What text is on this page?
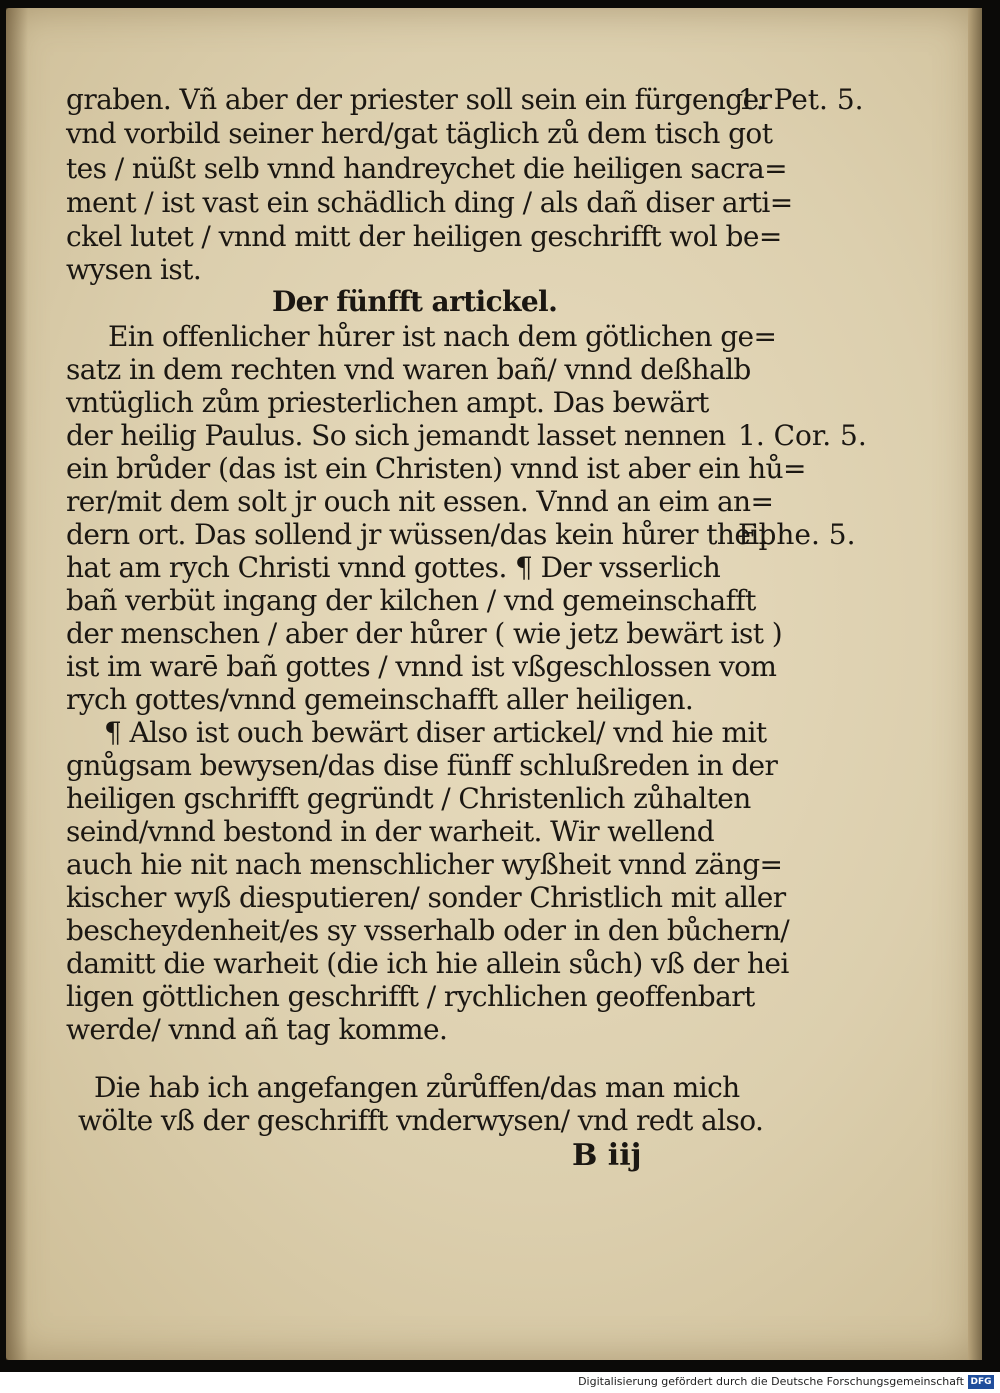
graben. Vñ aber der priester soll sein ein fürgenger
vnd vorbild seiner herd/gat täglich zů dem tisch got
tes / nüßt selb vnnd handreychet die heiligen sacra=
ment / ist vast ein schädlich ding / als dañ diser arti=
ckel lutet / vnnd mitt der heiligen geschrifft wol be=
wysen ist.
Der fünfft artickel.
Ein offenlicher hůrer ist nach dem götlichen ge=
satz in dem rechten vnd waren bañ/ vnnd deßhalb
vntüglich zům priesterlichen ampt. Das bewärt
der heilig Paulus. So sich jemandt lasset nennen
ein brůder (das ist ein Christen) vnnd ist aber ein hů=
rer/mit dem solt jr ouch nit essen. Vnnd an eim an=
dern ort. Das sollend jr wüssen/das kein hůrer theil
hat am rych Christi vnnd gottes. ¶ Der vsserlich
bañ verbüt ingang der kilchen / vnd gemeinschafft
der menschen / aber der hůrer ( wie jetz bewärt ist )
ist im warē bañ gottes / vnnd ist vßgeschlossen vom
rych gottes/vnnd gemeinschafft aller heiligen.
¶ Also ist ouch bewärt diser artickel/ vnd hie mit
gnůgsam bewysen/das dise fünff schlußreden in der
heiligen gschrifft gegründt / Christenlich zůhalten
seind/vnnd bestond in der warheit. Wir wellend
auch hie nit nach menschlicher wyßheit vnnd zäng=
kischer wyß diesputieren/ sonder Christlich mit aller
bescheydenheit/es sy vsserhalb oder in den bůchern/
damitt die warheit (die ich hie allein sůch) vß der hei
ligen göttlichen geschrifft / rychlichen geoffenbart
werde/ vnnd añ tag komme.
Die hab ich angefangen zůrůffen/das man mich
wölte vß der geschrifft vnderwysen/ vnd redt also.
1. Pet. 5.
1. Cor. 5.
Ephe. 5.
B iij
Digitalisierung gefördert durch die Deutsche Forschungsgemeinschaft DFG
